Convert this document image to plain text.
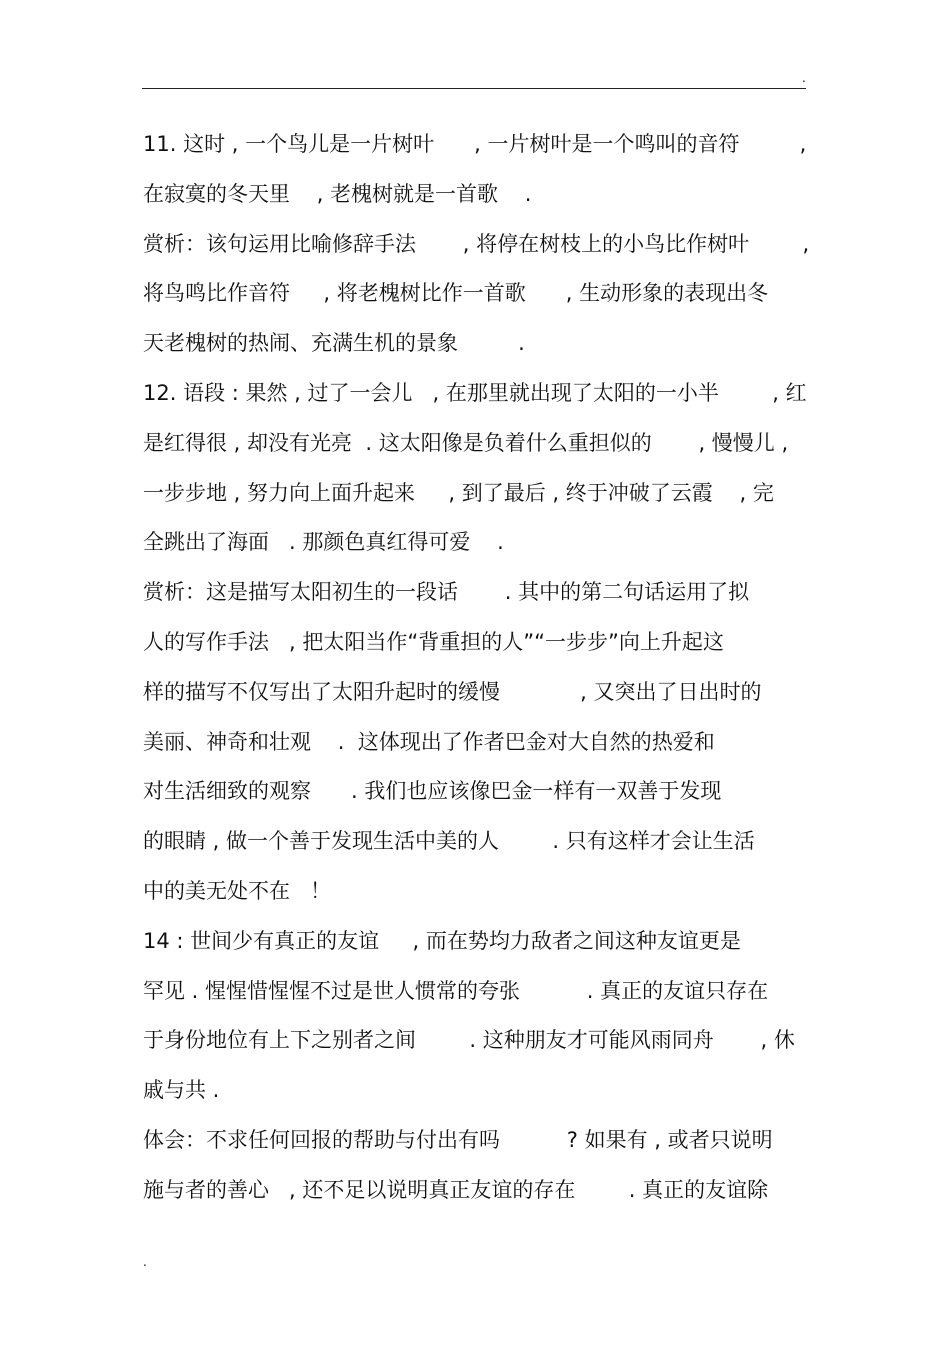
.
11. 这时 , 一个鸟儿是一片树叶      , 一片树叶是一个鸣叫的音符         ,
在寂寞的冬天里    , 老槐树就是一首歌    .
赏析：该句运用比喻修辞手法       , 将停在树枝上的小鸟比作树叶        ,
将鸟鸣比作音符     , 将老槐树比作一首歌      , 生动形象的表现出冬
天老槐树的热闹、充满生机的景象         .
12. 语段 : 果然 , 过了一会儿   , 在那里就出现了太阳的一小半        , 红
是红得很 , 却没有光亮  . 这太阳像是负着什么重担似的       , 慢慢儿 ,
一步步地 , 努力向上面升起来     , 到了最后 , 终于冲破了云霞    , 完
全跳出了海面   . 那颜色真红得可爱    .
赏析：这是描写太阳初生的一段话       . 其中的第二句话运用了拟
人的写作手法   , 把太阳当作“背重担的人”“一步步”向上升起这
样的描写不仅写出了太阳升起时的缓慢            , 又突出了日出时的
美丽、神奇和壮观    .  这体现出了作者巴金对大自然的热爱和
对生活细致的观察      . 我们也应该像巴金一样有一双善于发现
的眼睛 , 做一个善于发现生活中美的人        . 只有这样才会让生活
中的美无处不在   ！
14 : 世间少有真正的友谊     , 而在势均力敌者之间这种友谊更是
罕见 . 惺惺惜惺惺不过是世人惯常的夸张          . 真正的友谊只存在
于身份地位有上下之别者之间        . 这种朋友才可能风雨同舟       , 休
戚与共 .
体会：不求任何回报的帮助与付出有吗          ? 如果有 , 或者只说明
施与者的善心   , 还不足以说明真正友谊的存在        . 真正的友谊除
.
